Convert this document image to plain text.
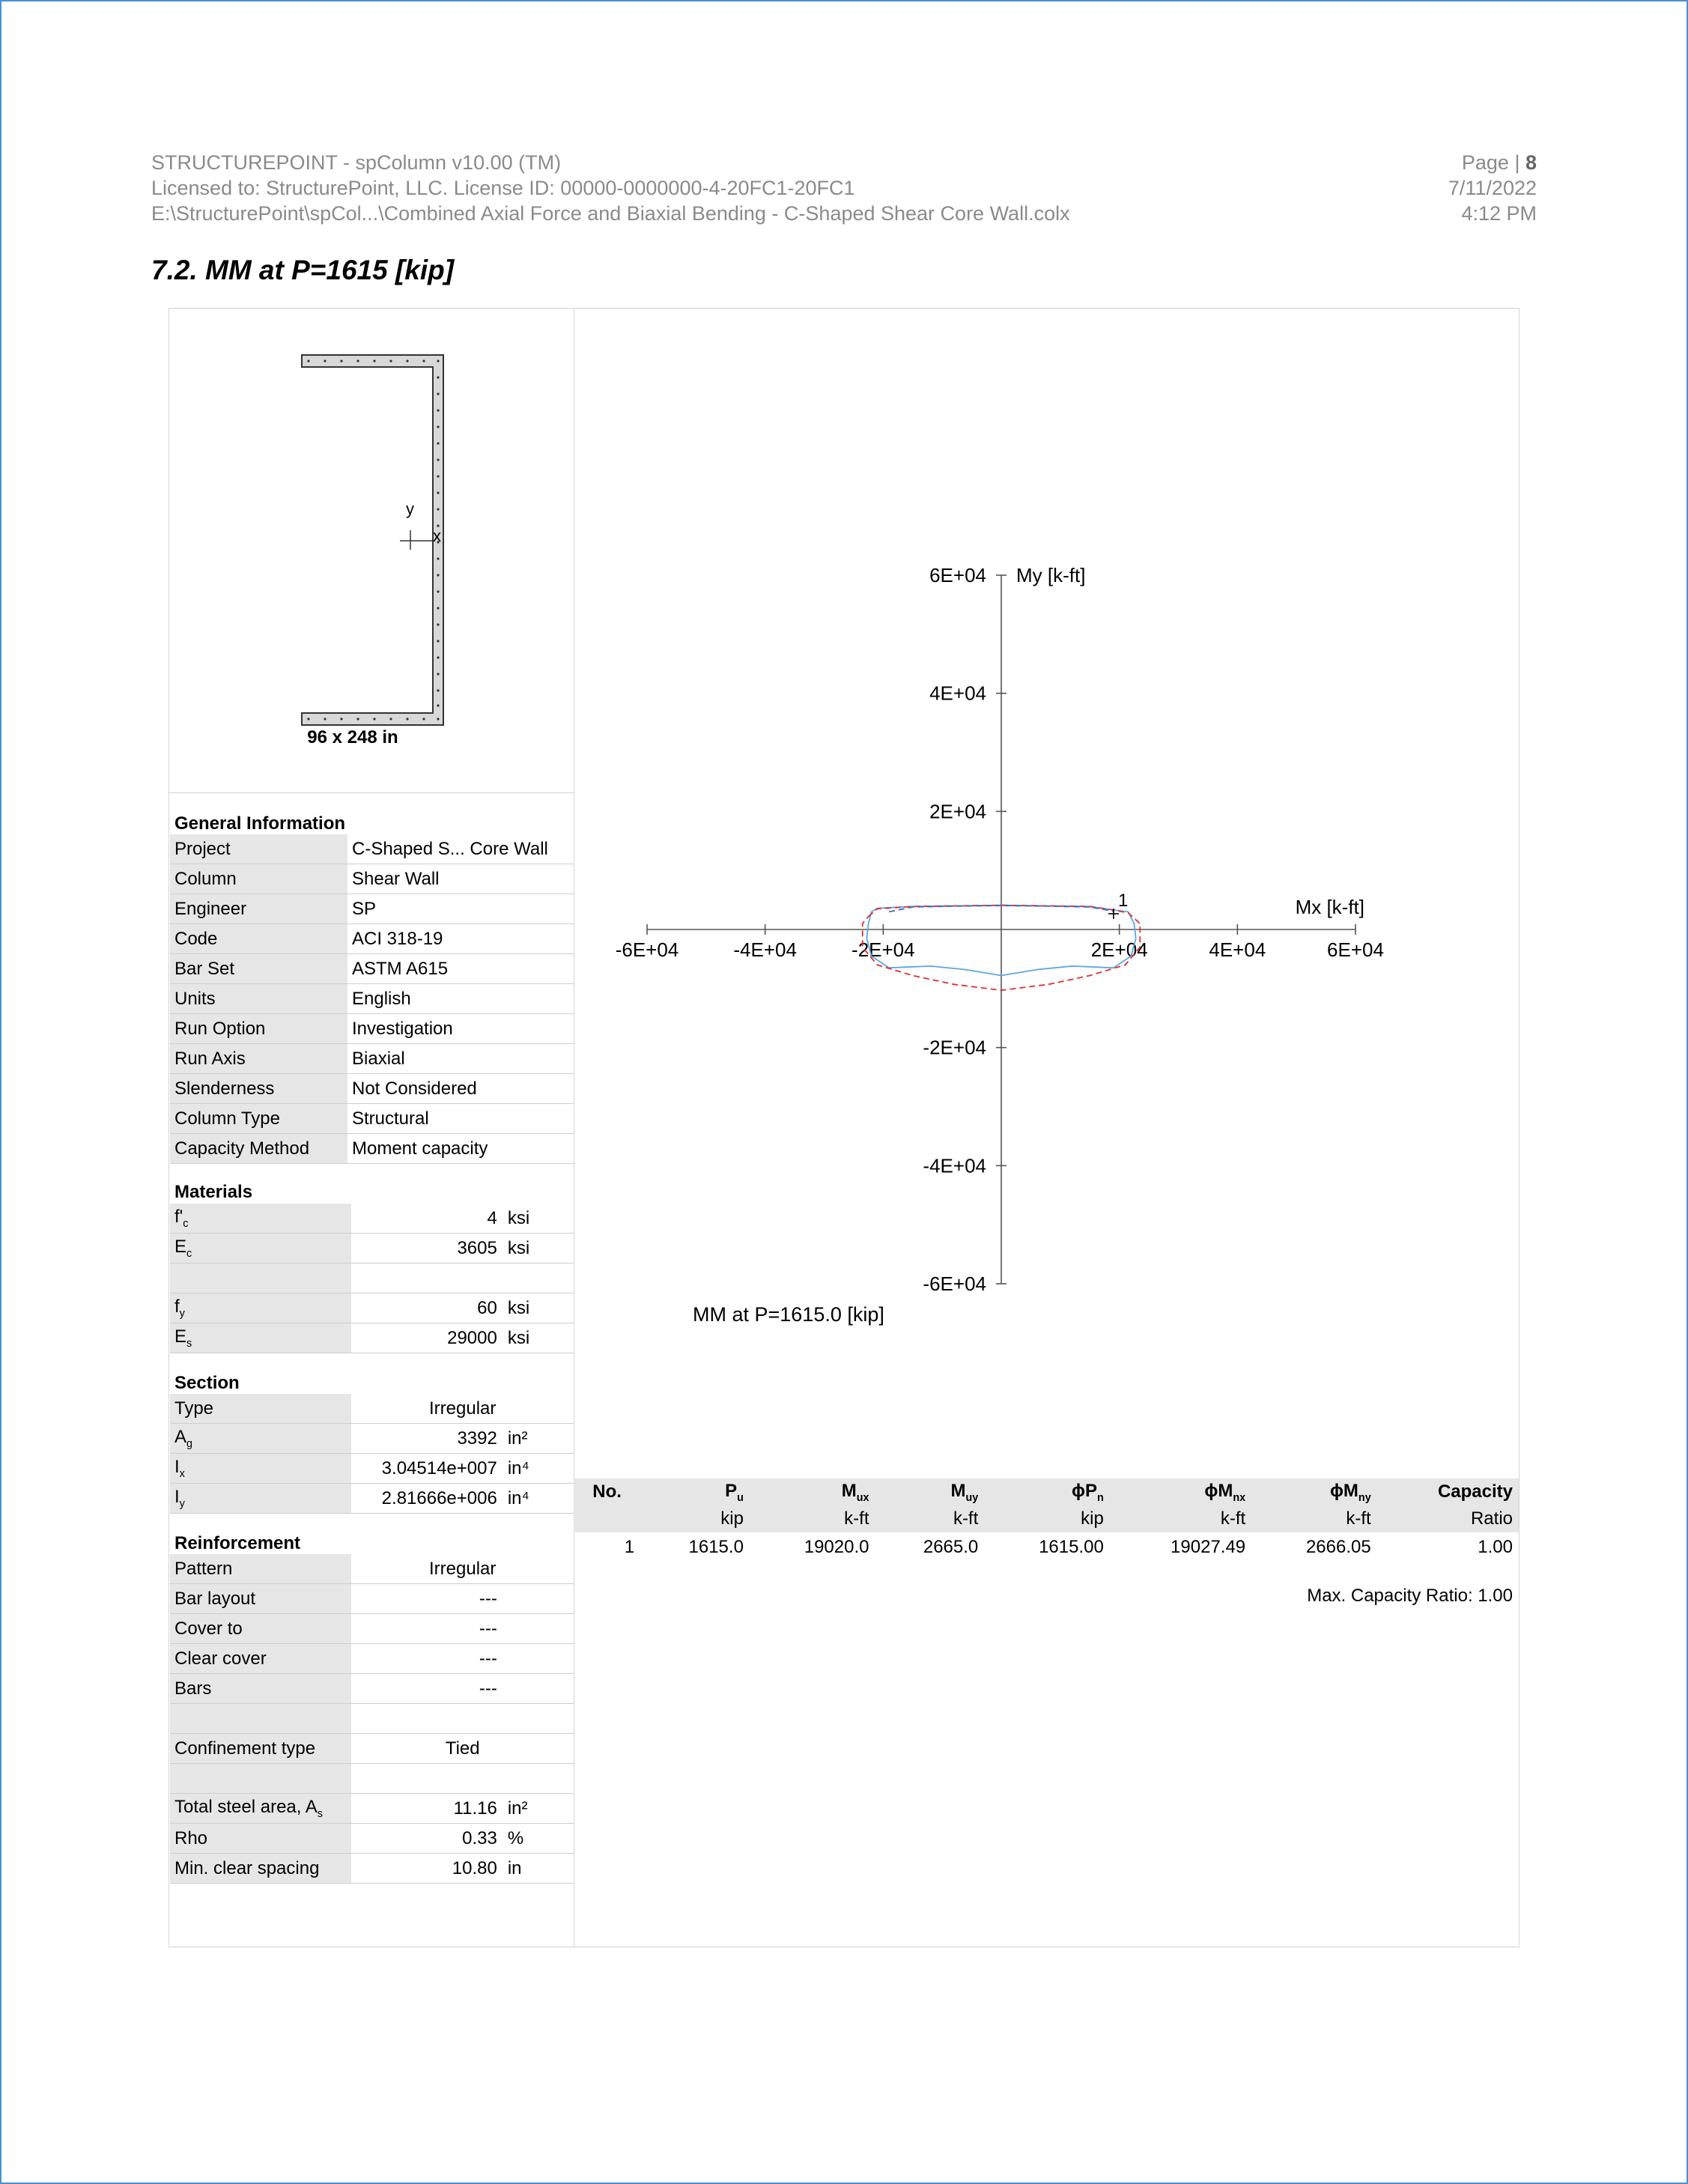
STRUCTUREPOINT - spColumn v10.00 (TM)
Licensed to: StructurePoint, LLC. License ID: 00000-0000000-4-20FC1-20FC1
E:\StructurePoint\spCol...\Combined Axial Force and Biaxial Bending - C-Shaped Shear Core Wall.colx
Page | 8
7/11/2022
4:12 PM
7.2. MM at P=1615 [kip]
y
x
96 x 248 in
General Information
Project	C-Shaped S... Core Wall
Column	Shear Wall
Engineer	SP
Code	ACI 318-19
Bar Set	ASTM A615
Units	English
Run Option	Investigation
Run Axis	Biaxial
Slenderness	Not Considered
Column Type	Structural
Capacity Method	Moment capacity
Materials
$f'_c$	4	ksi
$E_c$	3605	ksi

$f_y$	60	ksi
$E_s$	29000	ksi
Section
Type	Irregular	
$A_g$	3392	in²
$I_x$	3.04514e+007	in⁴
$I_y$	2.81666e+006	in⁴
Reinforcement
Pattern	Irregular	
Bar layout	---	
Cover to	---	
Clear cover	---	
Bars	---	

Confinement type	Tied	

Total steel area, $A_s$	11.16	in²
Rho	0.33	%
Min. clear spacing	10.80	in
-6E+04	-4E+04	-2E+04	2E+04	4E+04	6E+04
6E+04
4E+04
2E+04
-2E+04
-4E+04
-6E+04
Mx [k-ft]
My [k-ft]
1
MM at P=1615.0 [kip]
No.	$P_u$	$M_{ux}$	$M_{uy}$	$\phi P_n$	$\phi M_{nx}$	$\phi M_{ny}$	Capacity
	kip	k-ft	k-ft	kip	k-ft	k-ft	Ratio
1	1615.0	19020.0	2665.0	1615.00	19027.49	2666.05	1.00
Max. Capacity Ratio: 1.00
